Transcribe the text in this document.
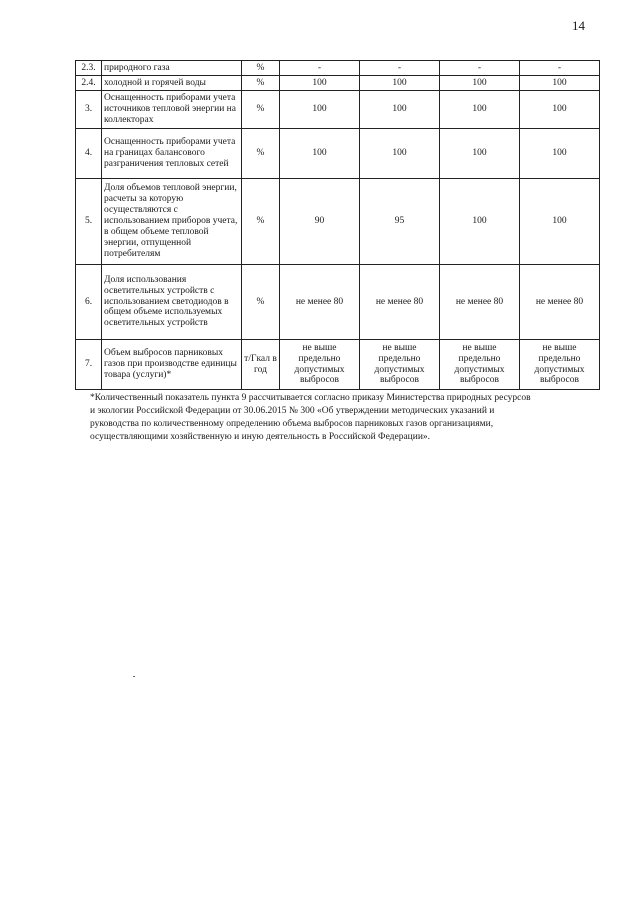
14
2.3.	природного газа	%	-	-	-	-
2.4.	холодной и горячей воды	%	100	100	100	100
3.	Оснащенность приборами учета источников тепловой энергии на коллекторах	%	100	100	100	100
4.	Оснащенность приборами учета на границах балансового разграничения тепловых сетей	%	100	100	100	100
5.	Доля объемов тепловой энергии, расчеты за которую осуществляются с использованием приборов учета, в общем объеме тепловой энергии, отпущенной потребителям	%	90	95	100	100
6.	Доля использования осветительных устройств с использованием светодиодов в общем объеме используемых осветительных устройств	%	не менее 80	не менее 80	не менее 80	не менее 80
7.	Объем выбросов парниковых газов при производстве единицы товара (услуги)*	т/Гкал в год	не выше предельно допустимых выбросов	не выше предельно допустимых выбросов	не выше предельно допустимых выбросов	не выше предельно допустимых выбросов
*Количественный показатель пункта 9 рассчитывается согласно приказу Министерства природных ресурсов
и экологии Российской Федерации от 30.06.2015 № 300 «Об утверждении методических указаний и
руководства по количественному определению объема выбросов парниковых газов организациями,
осуществляющими хозяйственную и иную деятельность в Российской Федерации».
